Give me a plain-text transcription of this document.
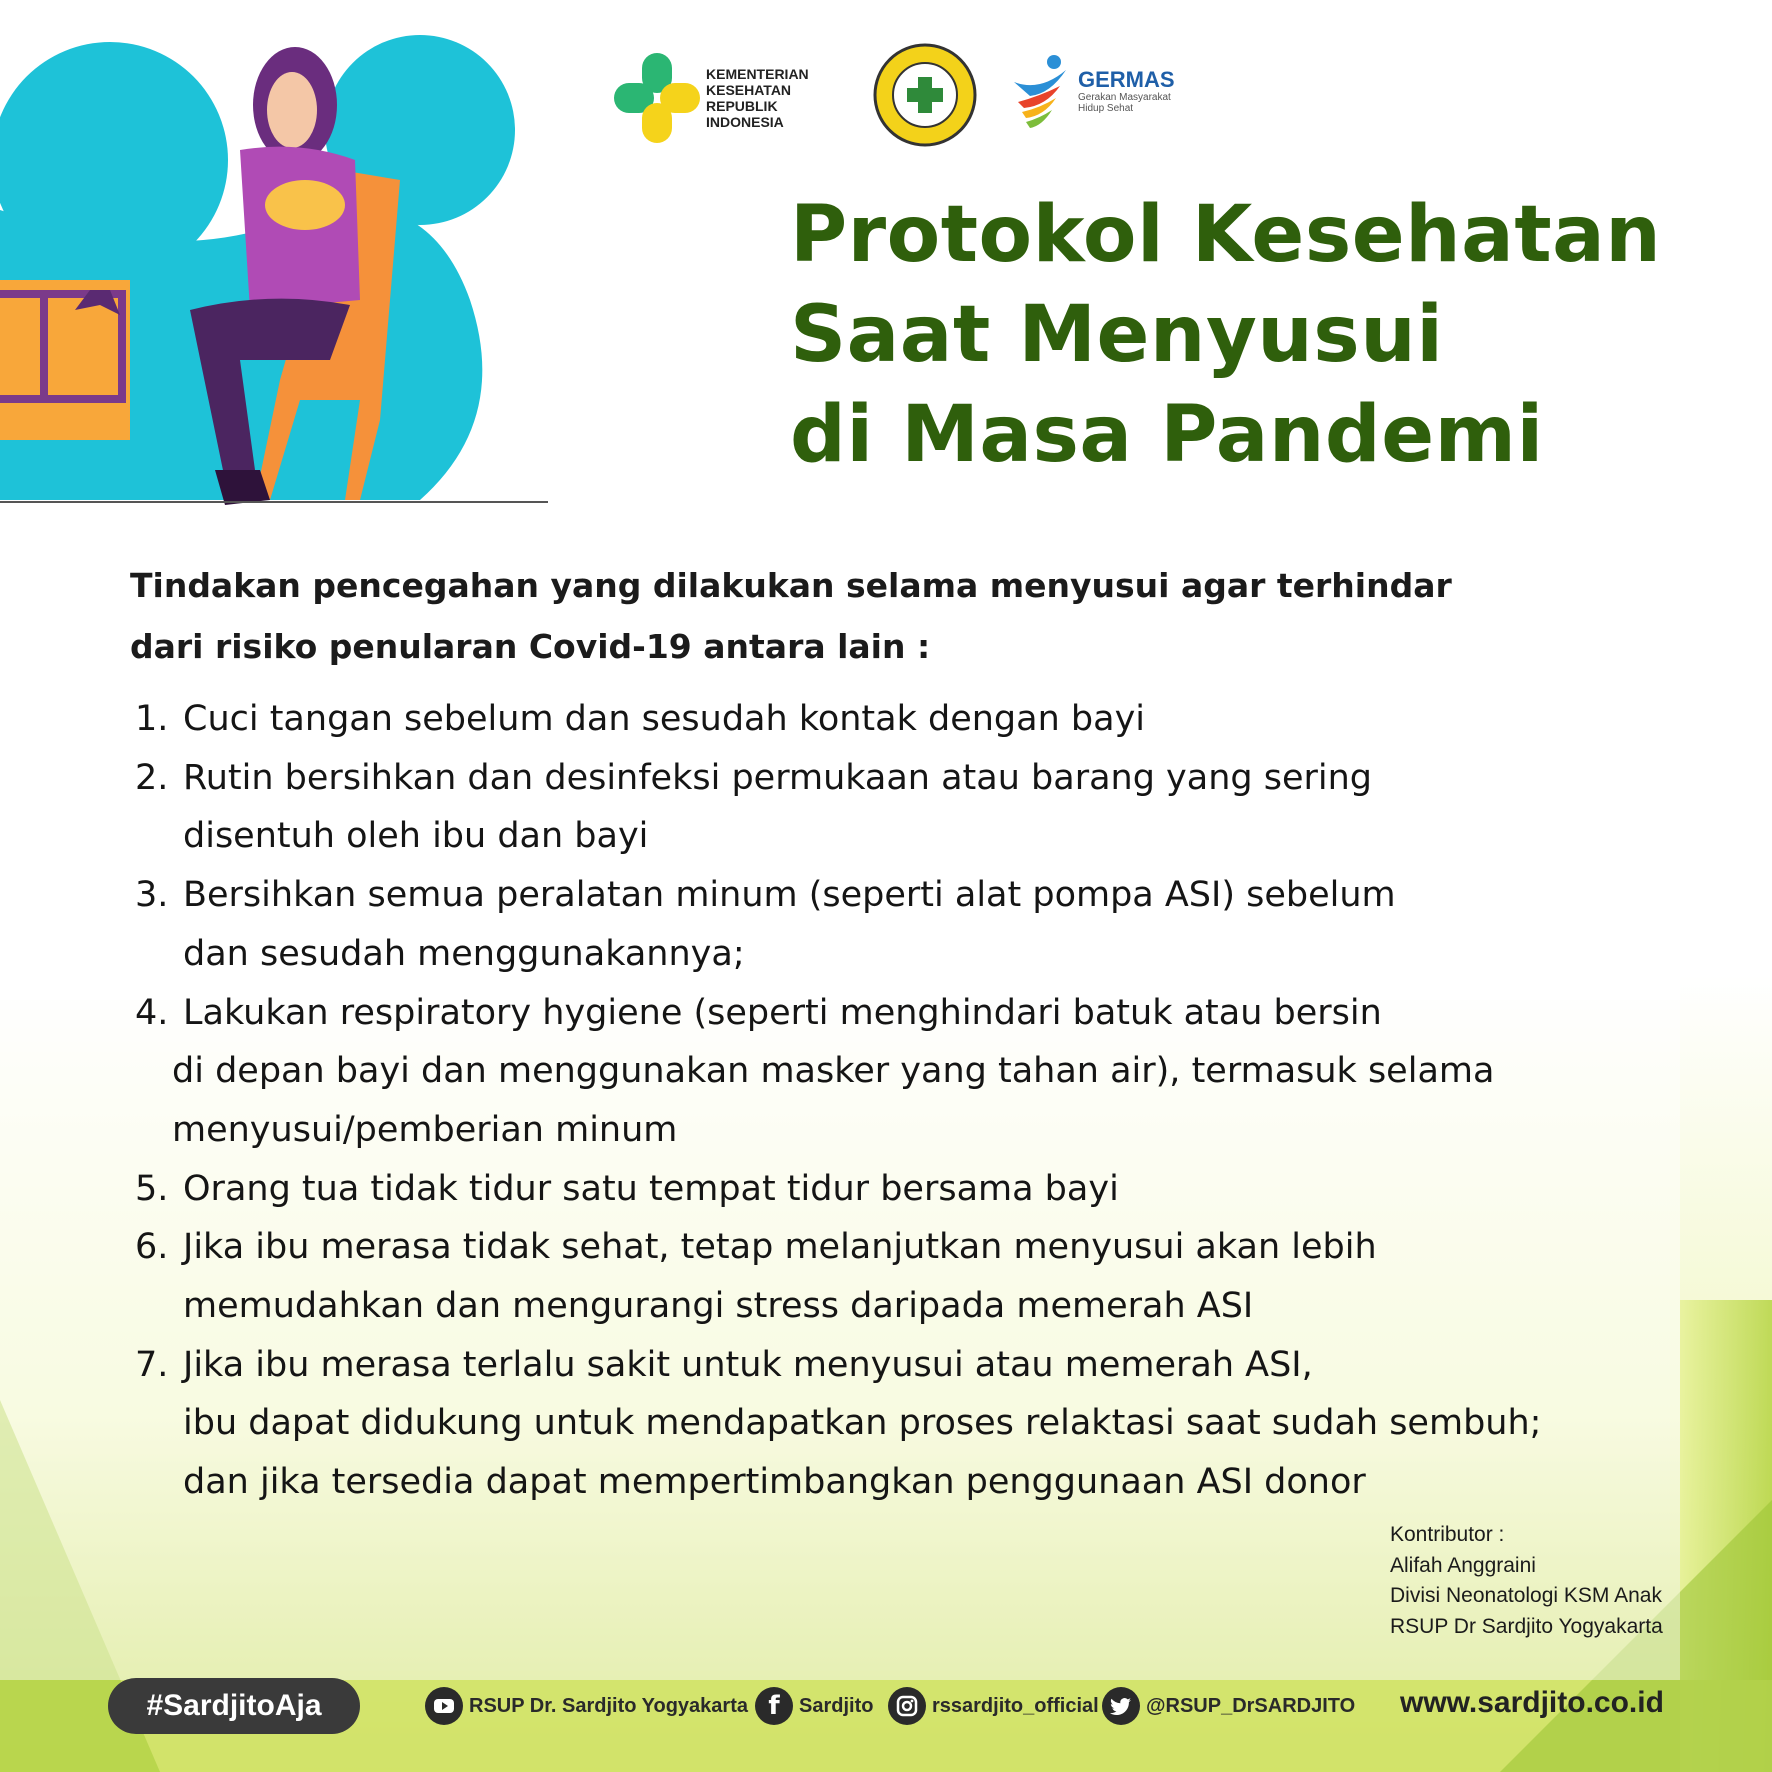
KEMENTERIAN
KESEHATAN
REPUBLIK
INDONESIA
GERMAS
Gerakan Masyarakat
Hidup Sehat
Protokol Kesehatan
Saat Menyusui
di Masa Pandemi
Tindakan pencegahan yang dilakukan selama menyusui agar terhindar
dari risiko penularan Covid-19 antara lain :
1. Cuci tangan sebelum dan sesudah kontak dengan bayi
2. Rutin bersihkan dan desinfeksi permukaan atau barang yang sering
disentuh oleh ibu dan bayi
3. Bersihkan semua peralatan minum (seperti alat pompa ASI) sebelum
dan sesudah menggunakannya;
4. Lakukan respiratory hygiene (seperti menghindari batuk atau bersin
di depan bayi dan menggunakan masker yang tahan air), termasuk selama
menyusui/pemberian minum
5. Orang tua tidak tidur satu tempat tidur bersama bayi
6. Jika ibu merasa tidak sehat, tetap melanjutkan menyusui akan lebih
memudahkan dan mengurangi stress daripada memerah ASI
7. Jika ibu merasa terlalu sakit untuk menyusui atau memerah ASI,
ibu dapat didukung untuk mendapatkan proses relaktasi saat sudah sembuh;
dan jika tersedia dapat mempertimbangkan penggunaan ASI donor
Kontributor :
Alifah Anggraini
Divisi Neonatologi KSM Anak
RSUP Dr Sardjito Yogyakarta
#SardjitoAja	RSUP Dr. Sardjito Yogyakarta f Sardjito	rssardjito_official @RSUP_DrSARDJITO www.sardjito.co.id
